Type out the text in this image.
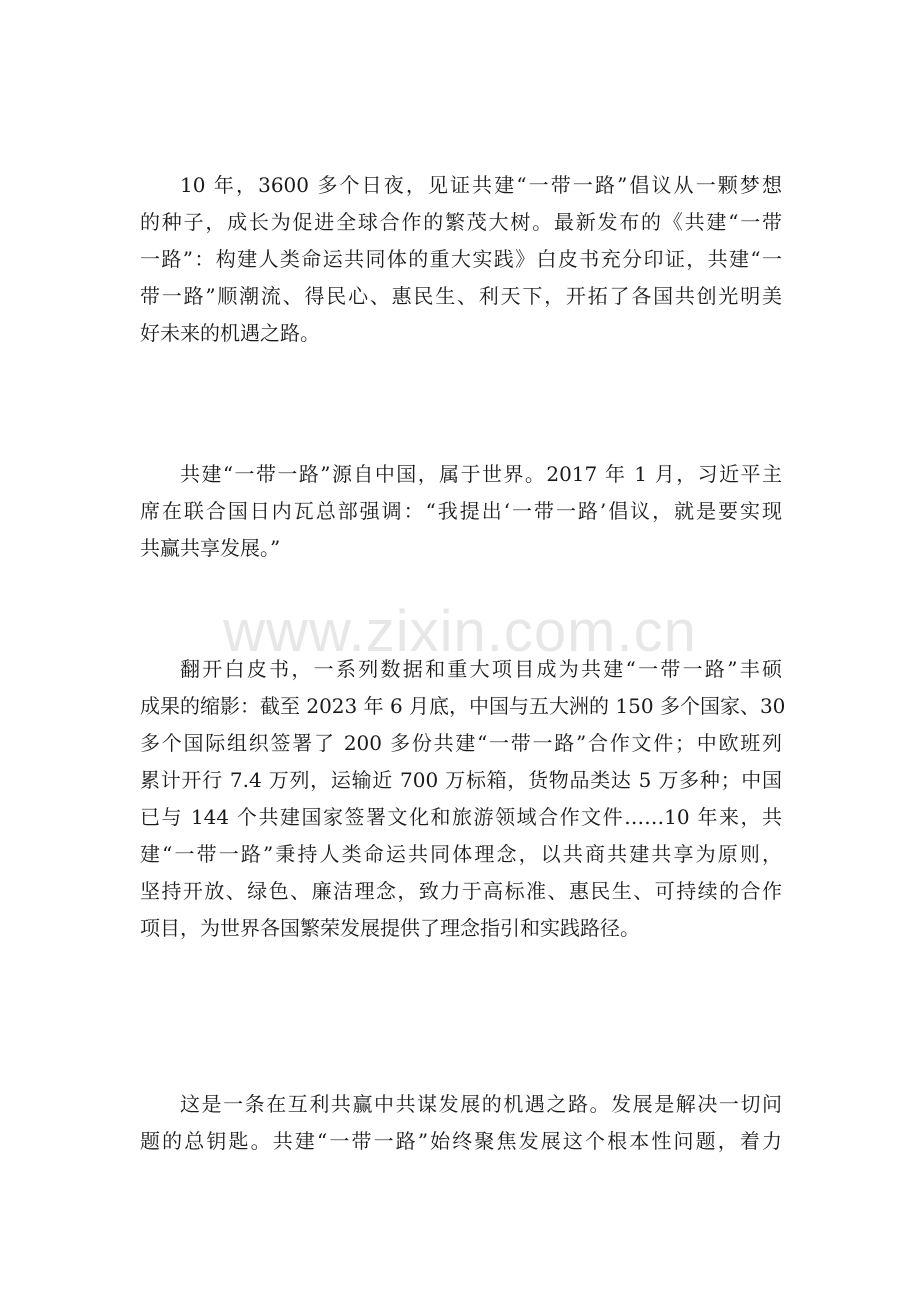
www.zixin.com.cn
10 年，3600 多个日夜，见证共建“一带一路”倡议从一颗梦想
的种子，成长为促进全球合作的繁茂大树。最新发布的《共建“一带
一路”：构建人类命运共同体的重大实践》白皮书充分印证，共建“一
带一路”顺潮流、得民心、惠民生、利天下，开拓了各国共创光明美
好未来的机遇之路。
共建“一带一路”源自中国，属于世界。2017 年 1 月，习近平主
席在联合国日内瓦总部强调：“我提出‘一带一路’倡议，就是要实现
共赢共享发展。”
翻开白皮书，一系列数据和重大项目成为共建“一带一路”丰硕
成果的缩影：截至 2023 年 6 月底，中国与五大洲的 150 多个国家、30
多个国际组织签署了 200 多份共建“一带一路”合作文件；中欧班列
累计开行 7.4 万列，运输近 700 万标箱，货物品类达 5 万多种；中国
已与 144 个共建国家签署文化和旅游领域合作文件……10 年来，共
建“一带一路”秉持人类命运共同体理念，以共商共建共享为原则，
坚持开放、绿色、廉洁理念，致力于高标准、惠民生、可持续的合作
项目，为世界各国繁荣发展提供了理念指引和实践路径。
这是一条在互利共赢中共谋发展的机遇之路。发展是解决一切问
题的总钥匙。共建“一带一路”始终聚焦发展这个根本性问题，着力
